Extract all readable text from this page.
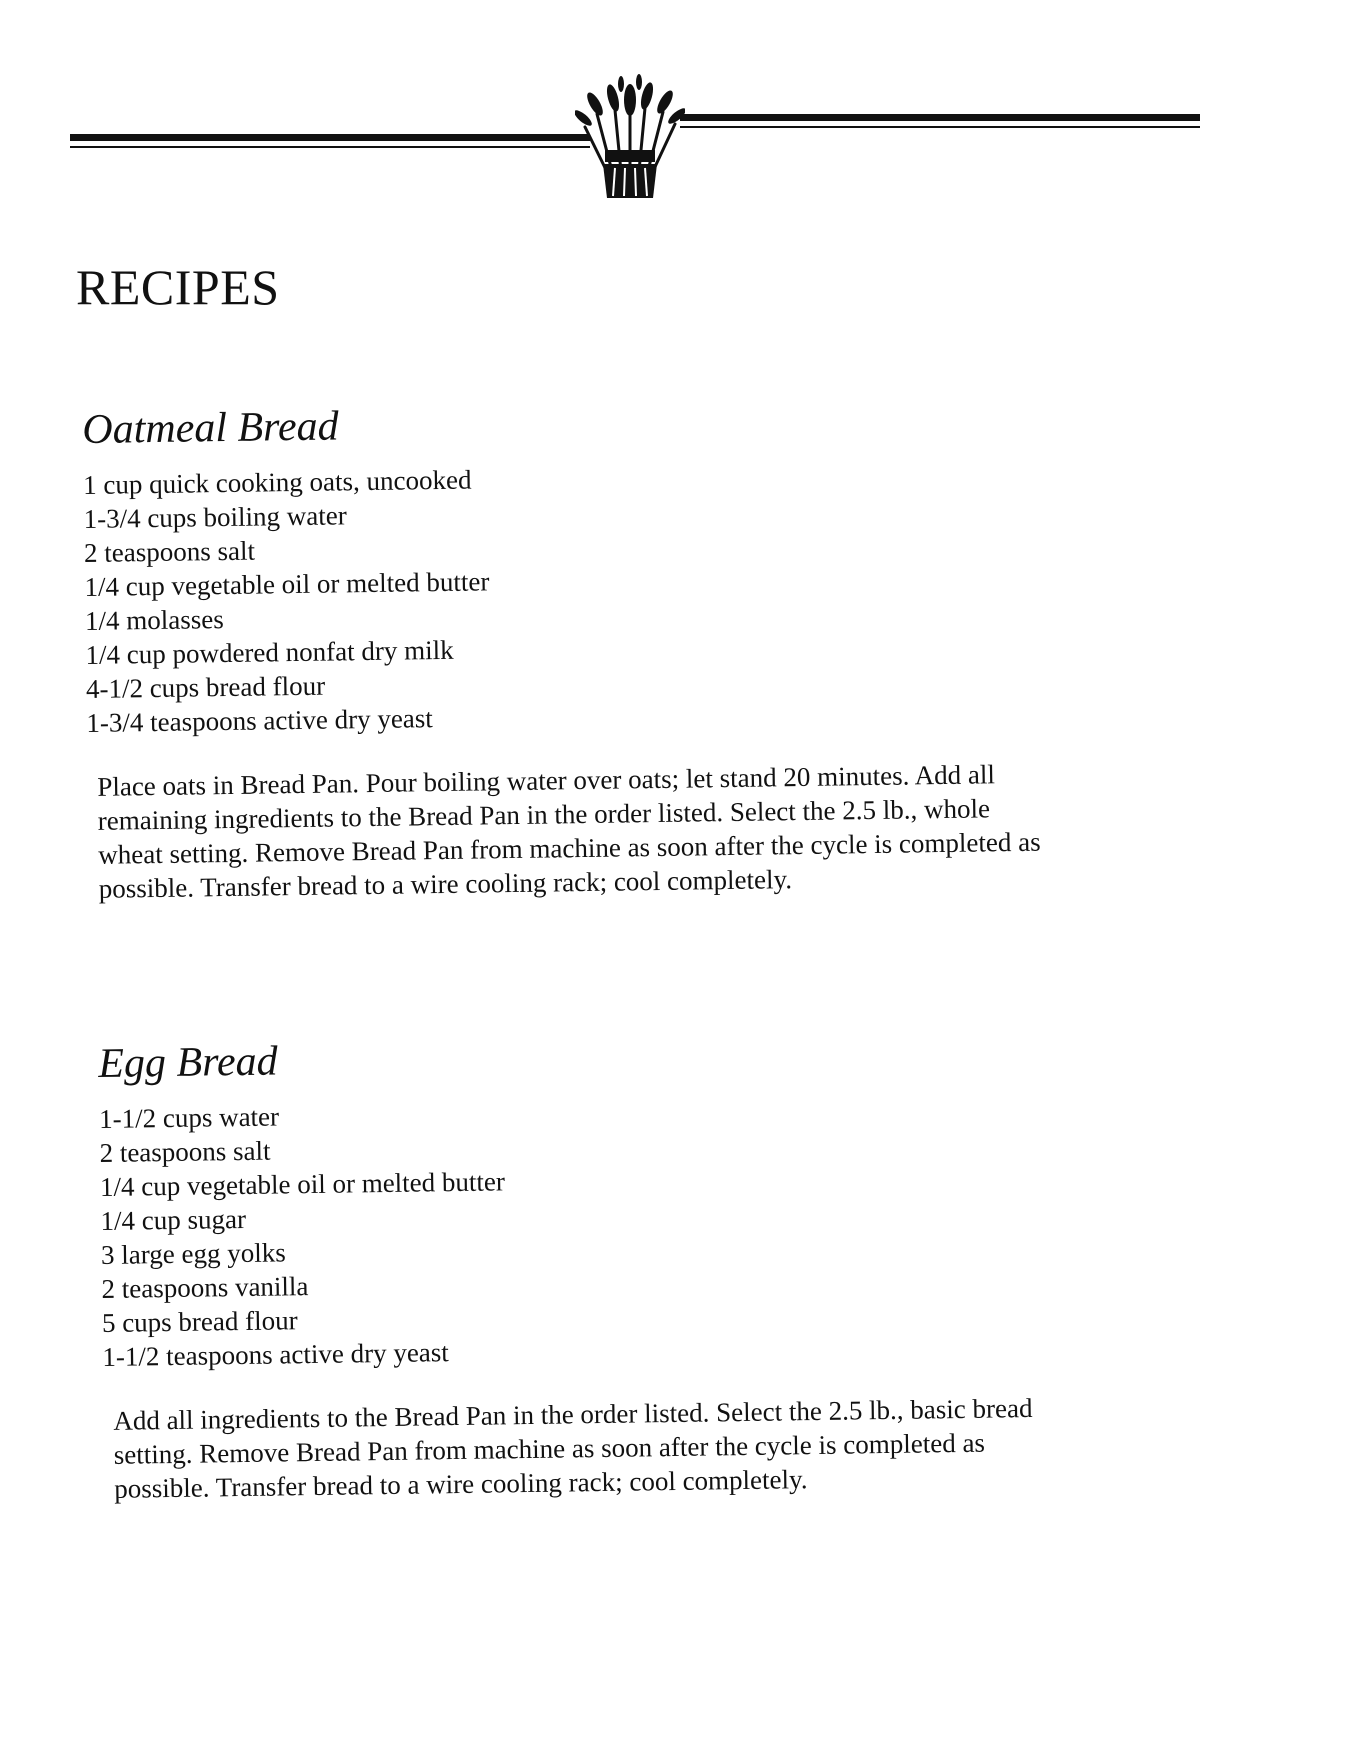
RECIPES
Oatmeal Bread
1 cup quick cooking oats, uncooked
1-3/4 cups boiling water
2 teaspoons salt
1/4 cup vegetable oil or melted butter
1/4 molasses
1/4 cup powdered nonfat dry milk
4-1/2 cups bread flour
1-3/4 teaspoons active dry yeast

Place oats in Bread Pan. Pour boiling water over oats; let stand 20 minutes. Add all remaining ingredients to the Bread Pan in the order listed. Select the 2.5 lb., whole wheat setting. Remove Bread Pan from machine as soon after the cycle is completed as possible. Transfer bread to a wire cooling rack; cool completely.

Egg Bread
1-1/2 cups water
2 teaspoons salt
1/4 cup vegetable oil or melted butter
1/4 cup sugar
3 large egg yolks
2 teaspoons vanilla
5 cups bread flour
1-1/2 teaspoons active dry yeast

Add all ingredients to the Bread Pan in the order listed. Select the 2.5 lb., basic bread setting. Remove Bread Pan from machine as soon after the cycle is completed as possible. Transfer bread to a wire cooling rack; cool completely.
